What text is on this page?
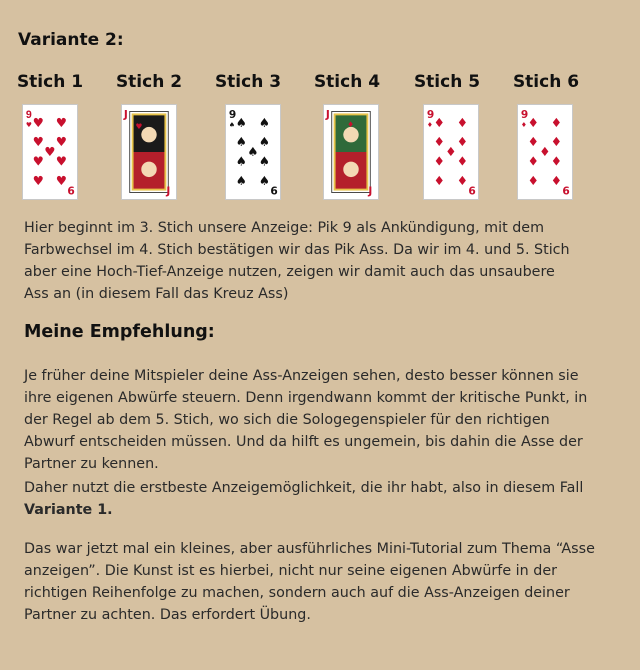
Variante 2:
Stich 1	Stich 2	Stich 3	Stich 4	Stich 5	Stich 6
9
♥ ♥ ♥
♥ ♥
♥
♥ ♥
♥ ♥
6
J
♥
J
9
♠ ♠ ♠
♠ ♠
♠
♠ ♠
♠ ♠
6
J
♦
J
9
♦ ♦ ♦
♦ ♦
♦
♦ ♦
♦ ♦
6
9
♦ ♦ ♦
♦ ♦
♦
♦ ♦
♦ ♦
6

Hier beginnt im 3. Stich unsere Anzeige: Pik 9 als Ankündigung, mit dem Farbwechsel im 4. Stich bestätigen wir das Pik Ass. Da wir im 4. und 5. Stich aber eine Hoch-Tief-Anzeige nutzen, zeigen wir damit auch das unsaubere Ass an (in diesem Fall das Kreuz Ass)

Meine Empfehlung:

Je früher deine Mitspieler deine Ass-Anzeigen sehen, desto besser können sie ihre eigenen Abwürfe steuern. Denn irgendwann kommt der kritische Punkt, in der Regel ab dem 5. Stich, wo sich die Sologegenspieler für den richtigen Abwurf entscheiden müssen. Und da hilft es ungemein, bis dahin die Asse der Partner zu kennen.

Daher nutzt die erstbeste Anzeigemöglichkeit, die ihr habt, also in diesem Fall Variante 1.

Das war jetzt mal ein kleines, aber ausführliches Mini-Tutorial zum Thema “Asse anzeigen”. Die Kunst ist es hierbei, nicht nur seine eigenen Abwürfe in der richtigen Reihenfolge zu machen, sondern auch auf die Ass-Anzeigen deiner Partner zu achten. Das erfordert Übung.
